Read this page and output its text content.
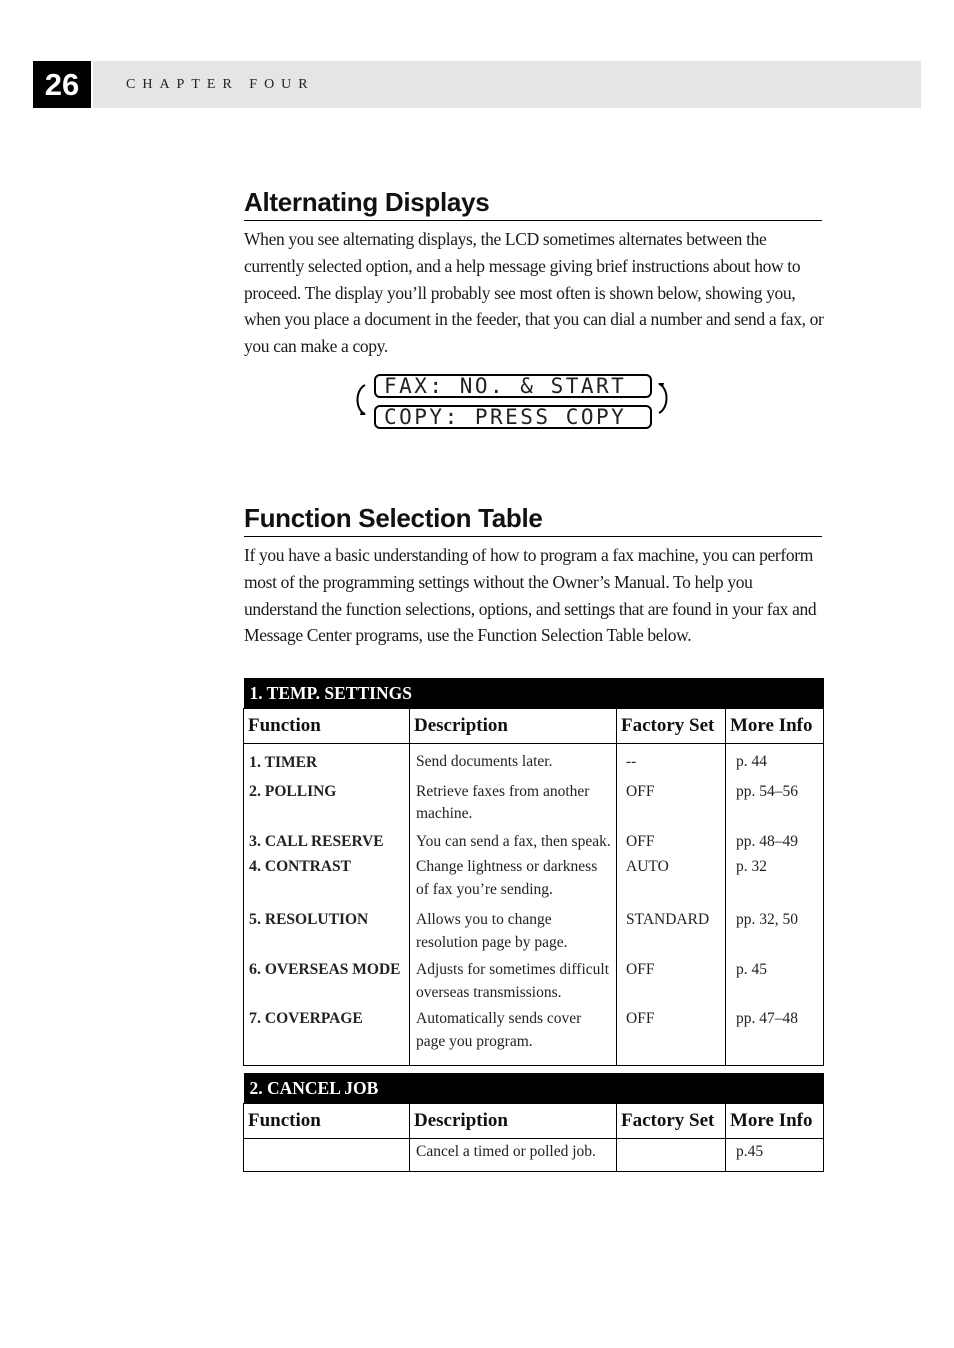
26	CHAPTER FOUR
Alternating Displays

When you see alternating displays, the LCD sometimes alternates between the currently selected option, and a help message giving brief instructions about how to proceed. The display you’ll probably see most often is shown below, showing you, when you place a document in the feeder, that you can dial a number and send a fax, or you can make a copy.

FAX: NO. & START
COPY: PRESS COPY
Function Selection Table

If you have a basic understanding of how to program a fax machine, you can perform most of the programming settings without the Owner’s Manual. To help you understand the function selections, options, and settings that are found in your fax and Message Center programs, use the Function Selection Table below.

1. TEMP. SETTINGS			
Function	Description	Factory Set	More Info
1. TIMER	Send documents later.	--	p. 44
2. POLLING	Retrieve faxes from another machine.	OFF	pp. 54–56
3. CALL RESERVE	You can send a fax, then speak.	OFF	pp. 48–49
4. CONTRAST	Change lightness or darkness of fax you’re sending.	AUTO	p. 32
5. RESOLUTION	Allows you to change resolution page by page.	STANDARD	pp. 32, 50
6. OVERSEAS MODE	Adjusts for sometimes difficult overseas transmissions.	OFF	p. 45
7. COVERPAGE	Automatically sends cover page you program.	OFF	pp. 47–48
2. CANCEL JOB			
Function	Description	Factory Set	More Info
	Cancel a timed or polled job.		p.45
